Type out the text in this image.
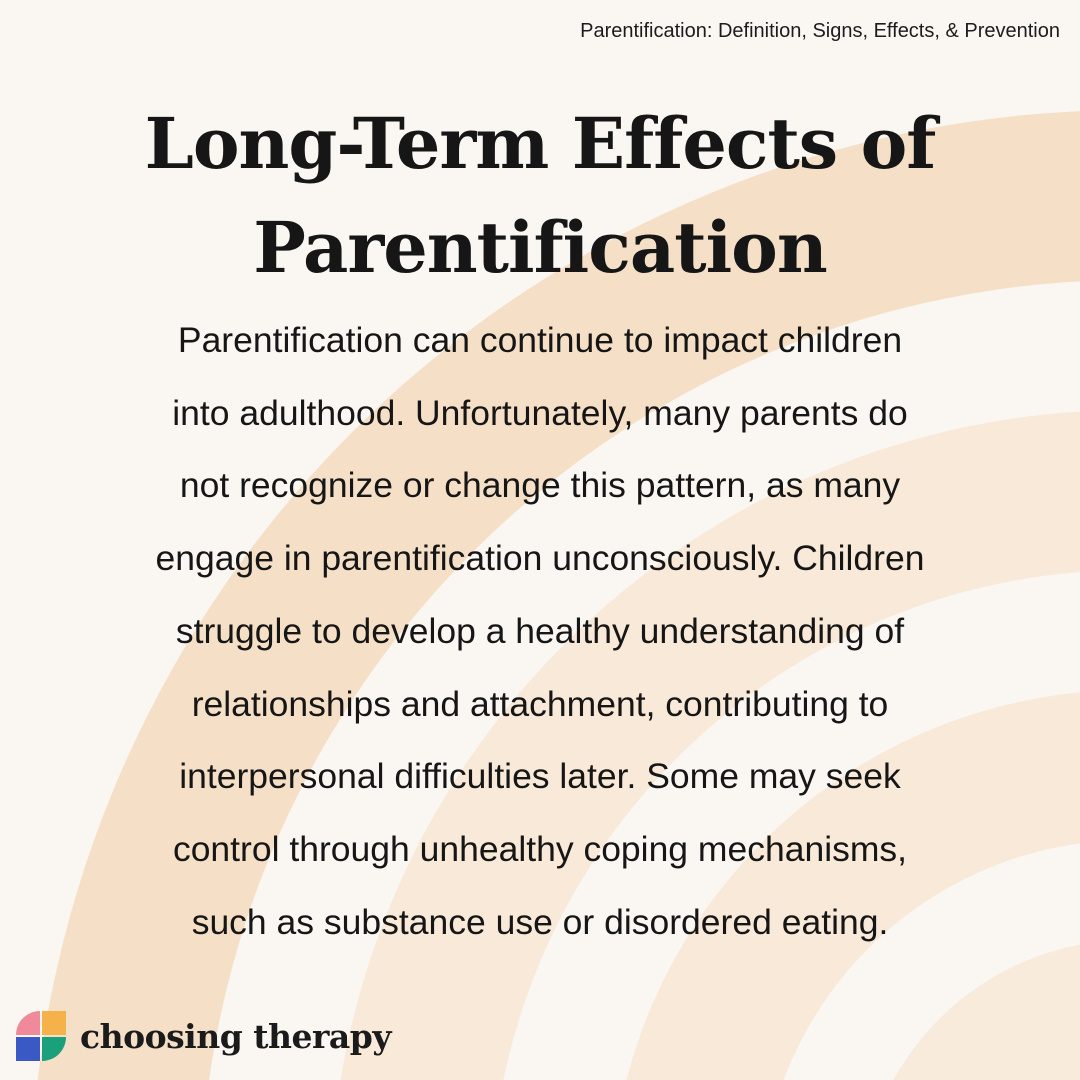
Parentification: Definition, Signs, Effects, & Prevention
Long-Term Effects of
Parentification
Parentification can continue to impact children
into adulthood. Unfortunately, many parents do
not recognize or change this pattern, as many
engage in parentification unconsciously. Children
struggle to develop a healthy understanding of
relationships and attachment, contributing to
interpersonal difficulties later. Some may seek
control through unhealthy coping mechanisms,
such as substance use or disordered eating.
choosing therapy
